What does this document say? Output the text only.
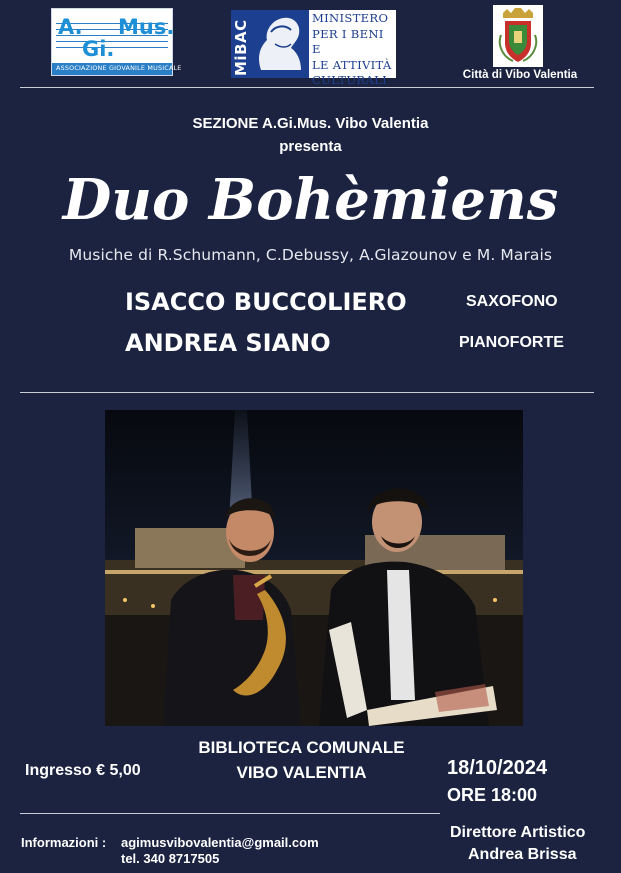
A.
Gi.
Mus.
ASSOCIAZIONE GIOVANILE MUSICALE	MiBAC
MINISTERO
PER I BENI E
LE ATTIVITÀ
CULTURALI	Città di Vibo Valentia
SEZIONE A.Gi.Mus. Vibo Valentia
presenta
Duo Bohèmiens
Musiche di R.Schumann, C.Debussy, A.Glazounov e M. Marais
ISACCO BUCCOLIERO	SAXOFONO
ANDREA SIANO	PIANOFORTE
BIBLIOTECA COMUNALE
VIBO VALENTIA
Ingresso € 5,00	18/10/2024
ORE 18:00
Informazioni : agimusvibovalentia@gmail.com
tel. 340 8717505
Direttore Artistico
Andrea Brissa
